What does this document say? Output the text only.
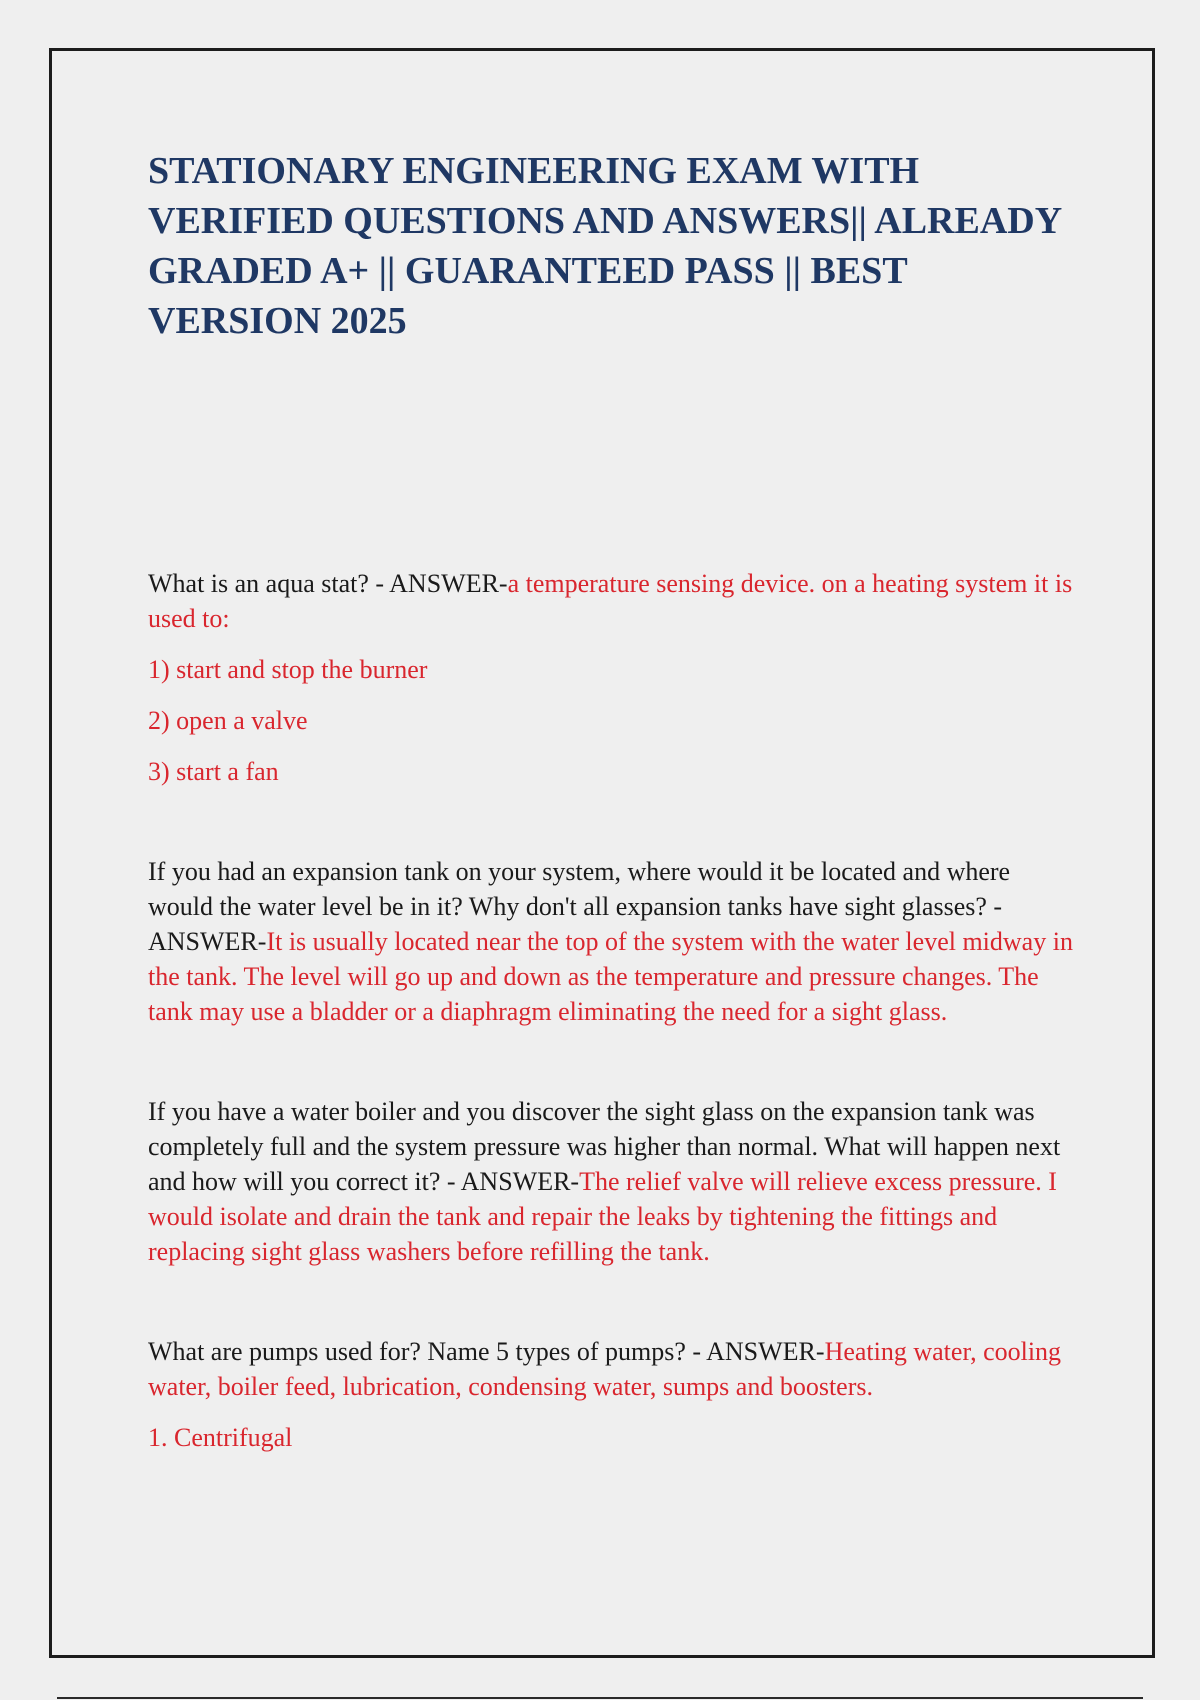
STATIONARY ENGINEERING EXAM WITH VERIFIED QUESTIONS AND ANSWERS|| ALREADY GRADED A+ || GUARANTEED PASS || BEST VERSION 2025

What is an aqua stat? - ANSWER-a temperature sensing device. on a heating system it is used to:

1) start and stop the burner

2) open a valve

3) start a fan

If you had an expansion tank on your system, where would it be located and where would the water level be in it? Why don't all expansion tanks have sight glasses? - ANSWER-It is usually located near the top of the system with the water level midway in the tank. The level will go up and down as the temperature and pressure changes. The tank may use a bladder or a diaphragm eliminating the need for a sight glass.

If you have a water boiler and you discover the sight glass on the expansion tank was completely full and the system pressure was higher than normal. What will happen next and how will you correct it? - ANSWER-The relief valve will relieve excess pressure. I would isolate and drain the tank and repair the leaks by tightening the fittings and replacing sight glass washers before refilling the tank.

What are pumps used for? Name 5 types of pumps? - ANSWER-Heating water, cooling water, boiler feed, lubrication, condensing water, sumps and boosters.

1. Centrifugal
